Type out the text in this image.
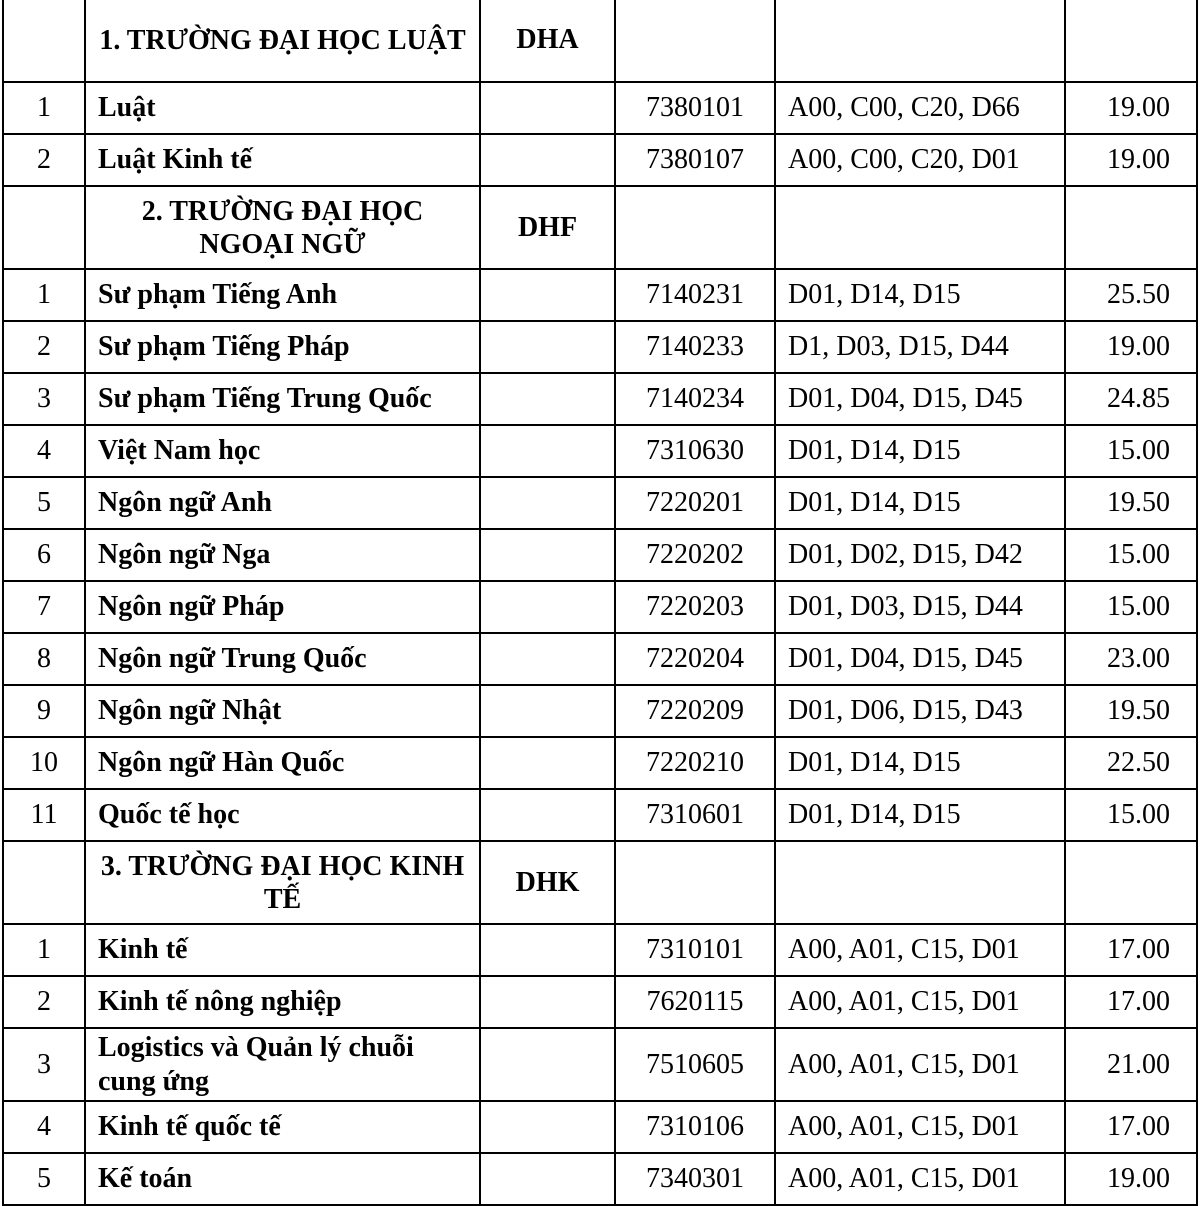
	1. TRƯỜNG ĐẠI HỌC LUẬT	DHA			
1	Luật		7380101	A00, C00, C20, D66	19.00
2	Luật Kinh tế		7380107	A00, C00, C20, D01	19.00
	2. TRƯỜNG ĐẠI HỌC NGOẠI NGỮ	DHF			
1	Sư phạm Tiếng Anh		7140231	D01, D14, D15	25.50
2	Sư phạm Tiếng Pháp		7140233	D1, D03, D15, D44	19.00
3	Sư phạm Tiếng Trung Quốc		7140234	D01, D04, D15, D45	24.85
4	Việt Nam học		7310630	D01, D14, D15	15.00
5	Ngôn ngữ Anh		7220201	D01, D14, D15	19.50
6	Ngôn ngữ Nga		7220202	D01, D02, D15, D42	15.00
7	Ngôn ngữ Pháp		7220203	D01, D03, D15, D44	15.00
8	Ngôn ngữ Trung Quốc		7220204	D01, D04, D15, D45	23.00
9	Ngôn ngữ Nhật		7220209	D01, D06, D15, D43	19.50
10	Ngôn ngữ Hàn Quốc		7220210	D01, D14, D15	22.50
11	Quốc tế học		7310601	D01, D14, D15	15.00
	3. TRƯỜNG ĐẠI HỌC KINH TẾ	DHK			
1	Kinh tế		7310101	A00, A01, C15, D01	17.00
2	Kinh tế nông nghiệp		7620115	A00, A01, C15, D01	17.00
3	Logistics và Quản lý chuỗi cung ứng		7510605	A00, A01, C15, D01	21.00
4	Kinh tế quốc tế		7310106	A00, A01, C15, D01	17.00
5	Kế toán		7340301	A00, A01, C15, D01	19.00
